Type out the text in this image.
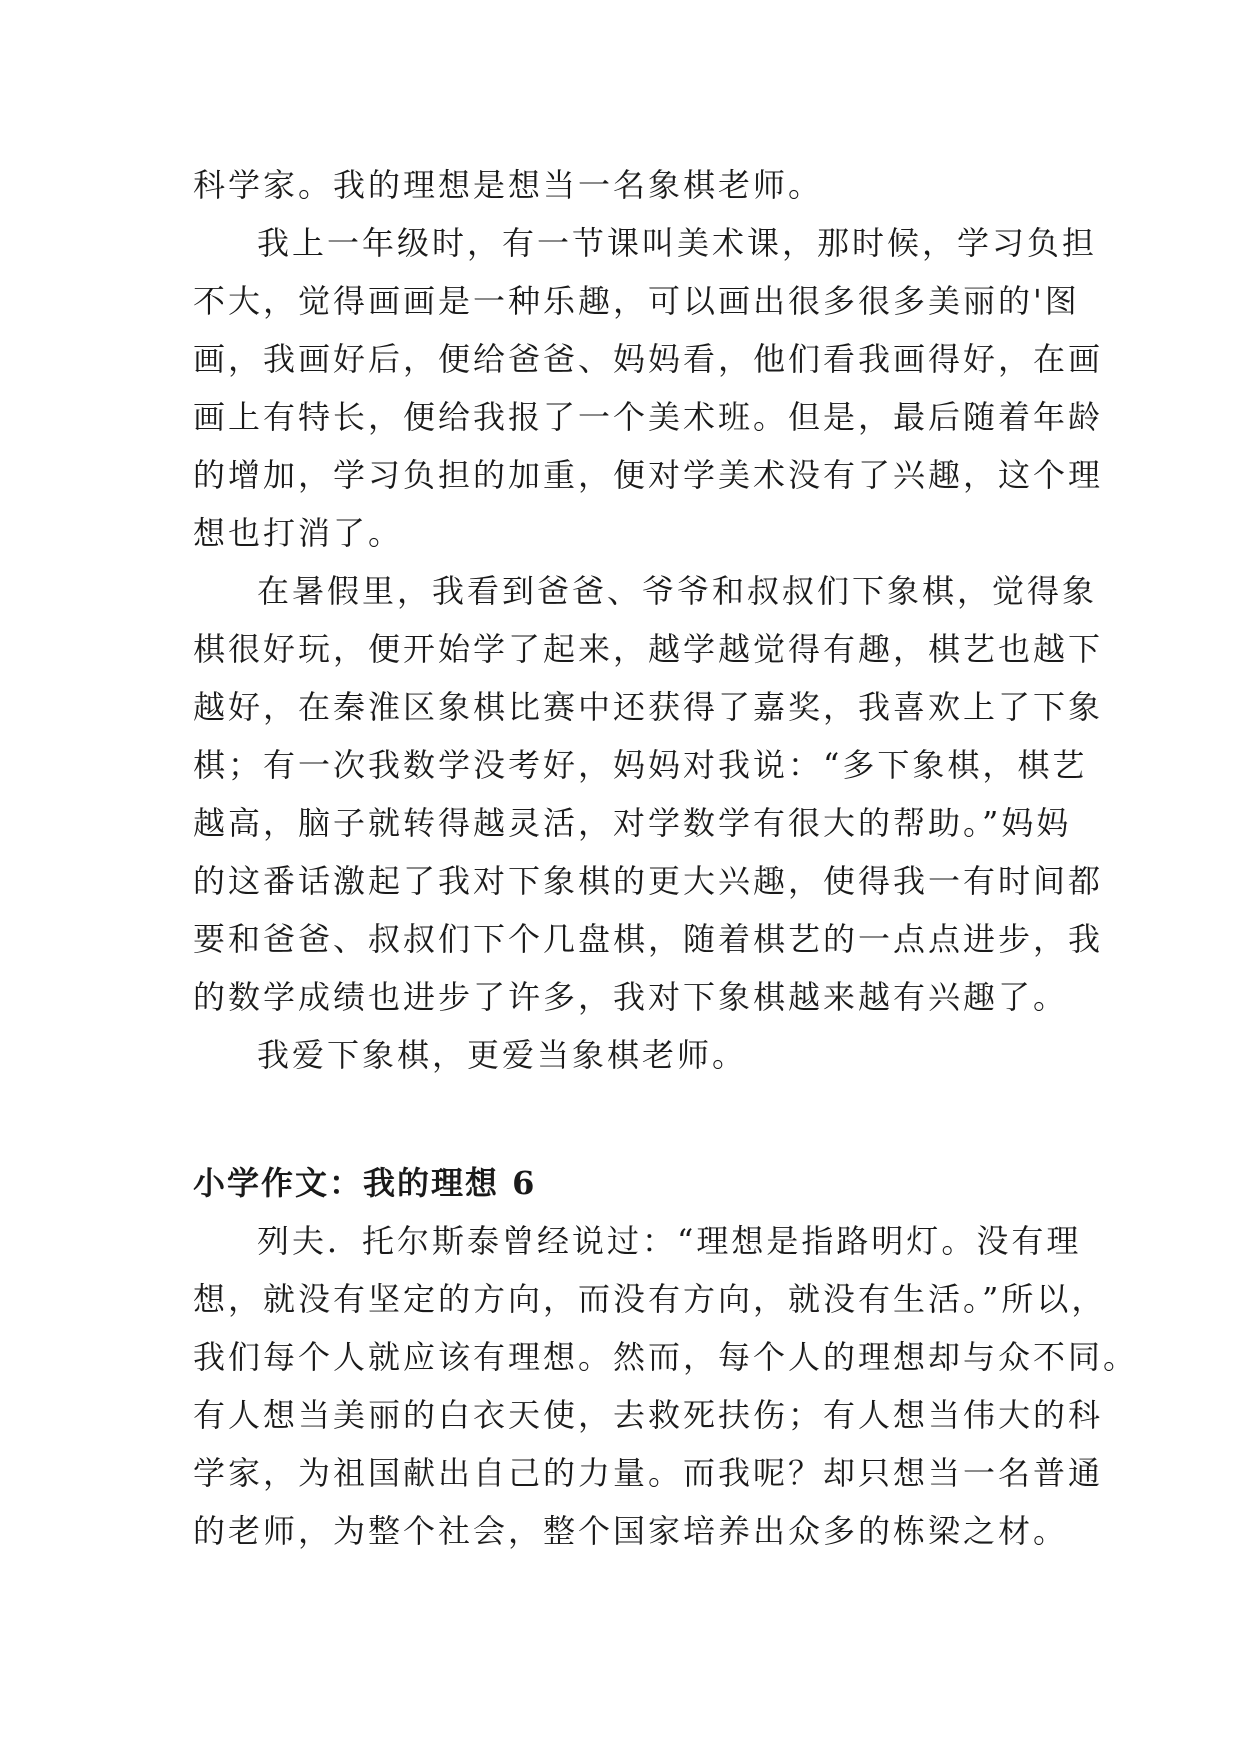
科学家。我的理想是想当一名象棋老师。

我上一年级时，有一节课叫美术课，那时候，学习负担
不大，觉得画画是一种乐趣，可以画出很多很多美丽的'图
画，我画好后，便给爸爸、妈妈看，他们看我画得好，在画
画上有特长，便给我报了一个美术班。但是，最后随着年龄
的增加，学习负担的加重，便对学美术没有了兴趣，这个理
想也打消了。

在暑假里，我看到爸爸、爷爷和叔叔们下象棋，觉得象
棋很好玩，便开始学了起来，越学越觉得有趣，棋艺也越下
越好，在秦淮区象棋比赛中还获得了嘉奖，我喜欢上了下象
棋；有一次我数学没考好，妈妈对我说：“多下象棋，棋艺
越高，脑子就转得越灵活，对学数学有很大的帮助。”妈妈
的这番话激起了我对下象棋的更大兴趣，使得我一有时间都
要和爸爸、叔叔们下个几盘棋，随着棋艺的一点点进步，我
的数学成绩也进步了许多，我对下象棋越来越有兴趣了。

我爱下象棋，更爱当象棋老师。

小学作文：我的理想 6

列夫．托尔斯泰曾经说过：“理想是指路明灯。没有理
想，就没有坚定的方向，而没有方向，就没有生活。”所以，
我们每个人就应该有理想。然而，每个人的理想却与众不同。
有人想当美丽的白衣天使，去救死扶伤；有人想当伟大的科
学家，为祖国献出自己的力量。而我呢？却只想当一名普通
的老师，为整个社会，整个国家培养出众多的栋梁之材。
